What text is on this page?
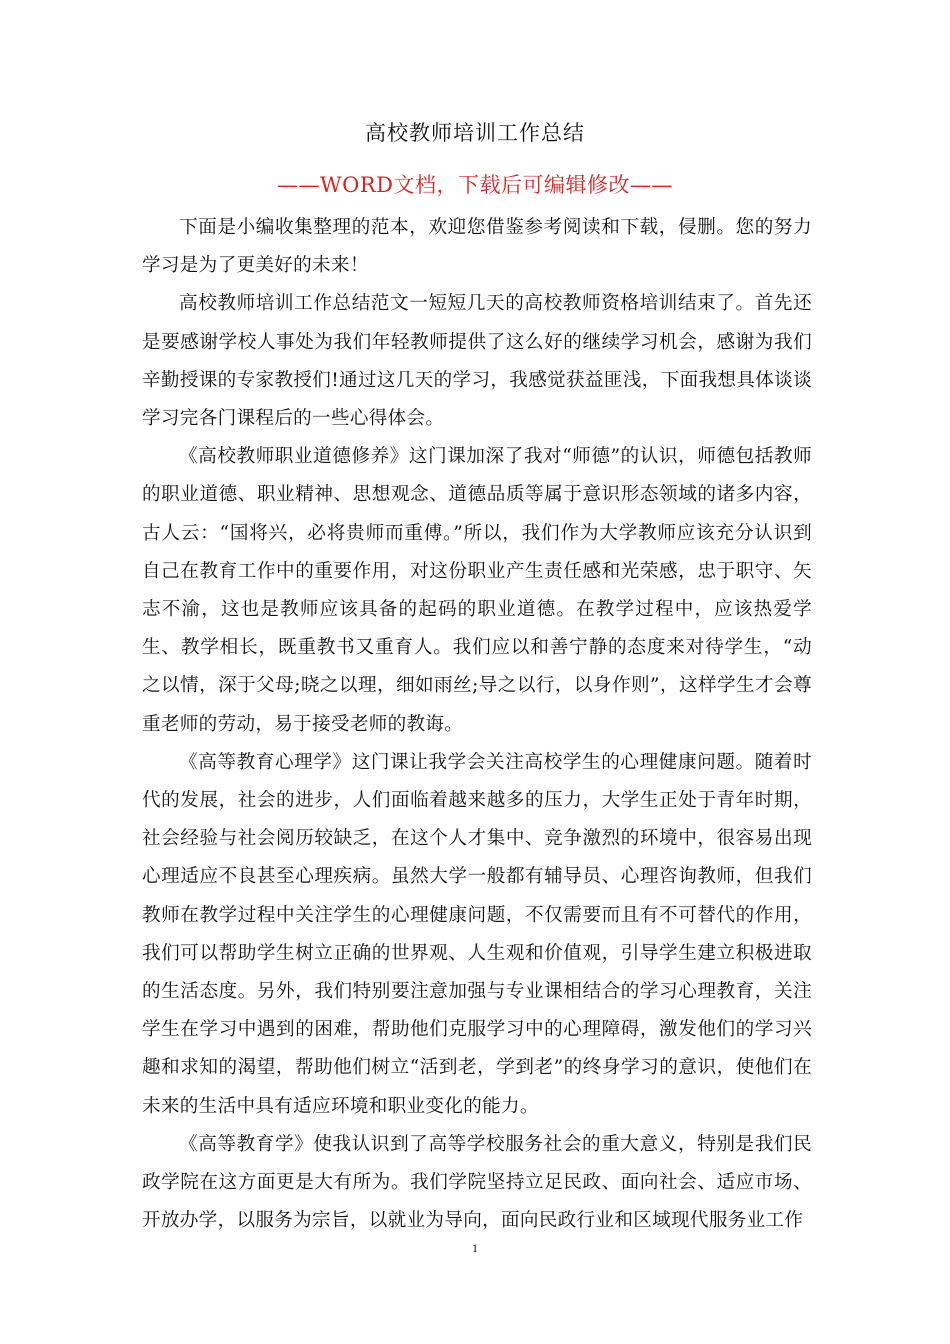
高校教师培训工作总结
——WORD文档，下载后可编辑修改——

下面是小编收集整理的范本，欢迎您借鉴参考阅读和下载，侵删。您的努力学习是为了更美好的未来！

高校教师培训工作总结范文一短短几天的高校教师资格培训结束了。首先还是要感谢学校人事处为我们年轻教师提供了这么好的继续学习机会，感谢为我们辛勤授课的专家教授们!通过这几天的学习，我感觉获益匪浅，下面我想具体谈谈学习完各门课程后的一些心得体会。

《高校教师职业道德修养》这门课加深了我对“师德”的认识，师德包括教师的职业道德、职业精神、思想观念、道德品质等属于意识形态领域的诸多内容，古人云：“国将兴，必将贵师而重傅。”所以，我们作为大学教师应该充分认识到自己在教育工作中的重要作用，对这份职业产生责任感和光荣感，忠于职守、矢志不渝，这也是教师应该具备的起码的职业道德。在教学过程中，应该热爱学生、教学相长，既重教书又重育人。我们应以和善宁静的态度来对待学生，“动之以情，深于父母;晓之以理，细如雨丝;导之以行，以身作则”，这样学生才会尊重老师的劳动，易于接受老师的教诲。

《高等教育心理学》这门课让我学会关注高校学生的心理健康问题。随着时代的发展，社会的进步，人们面临着越来越多的压力，大学生正处于青年时期，社会经验与社会阅历较缺乏，在这个人才集中、竞争激烈的环境中，很容易出现心理适应不良甚至心理疾病。虽然大学一般都有辅导员、心理咨询教师，但我们教师在教学过程中关注学生的心理健康问题，不仅需要而且有不可替代的作用，我们可以帮助学生树立正确的世界观、人生观和价值观，引导学生建立积极进取的生活态度。另外，我们特别要注意加强与专业课相结合的学习心理教育，关注学生在学习中遇到的困难，帮助他们克服学习中的心理障碍，激发他们的学习兴趣和求知的渴望，帮助他们树立“活到老，学到老”的终身学习的意识，使他们在未来的生活中具有适应环境和职业变化的能力。

《高等教育学》使我认识到了高等学校服务社会的重大意义，特别是我们民政学院在这方面更是大有所为。我们学院坚持立足民政、面向社会、适应市场、开放办学，以服务为宗旨，以就业为导向，面向民政行业和区域现代服务业工作

1
